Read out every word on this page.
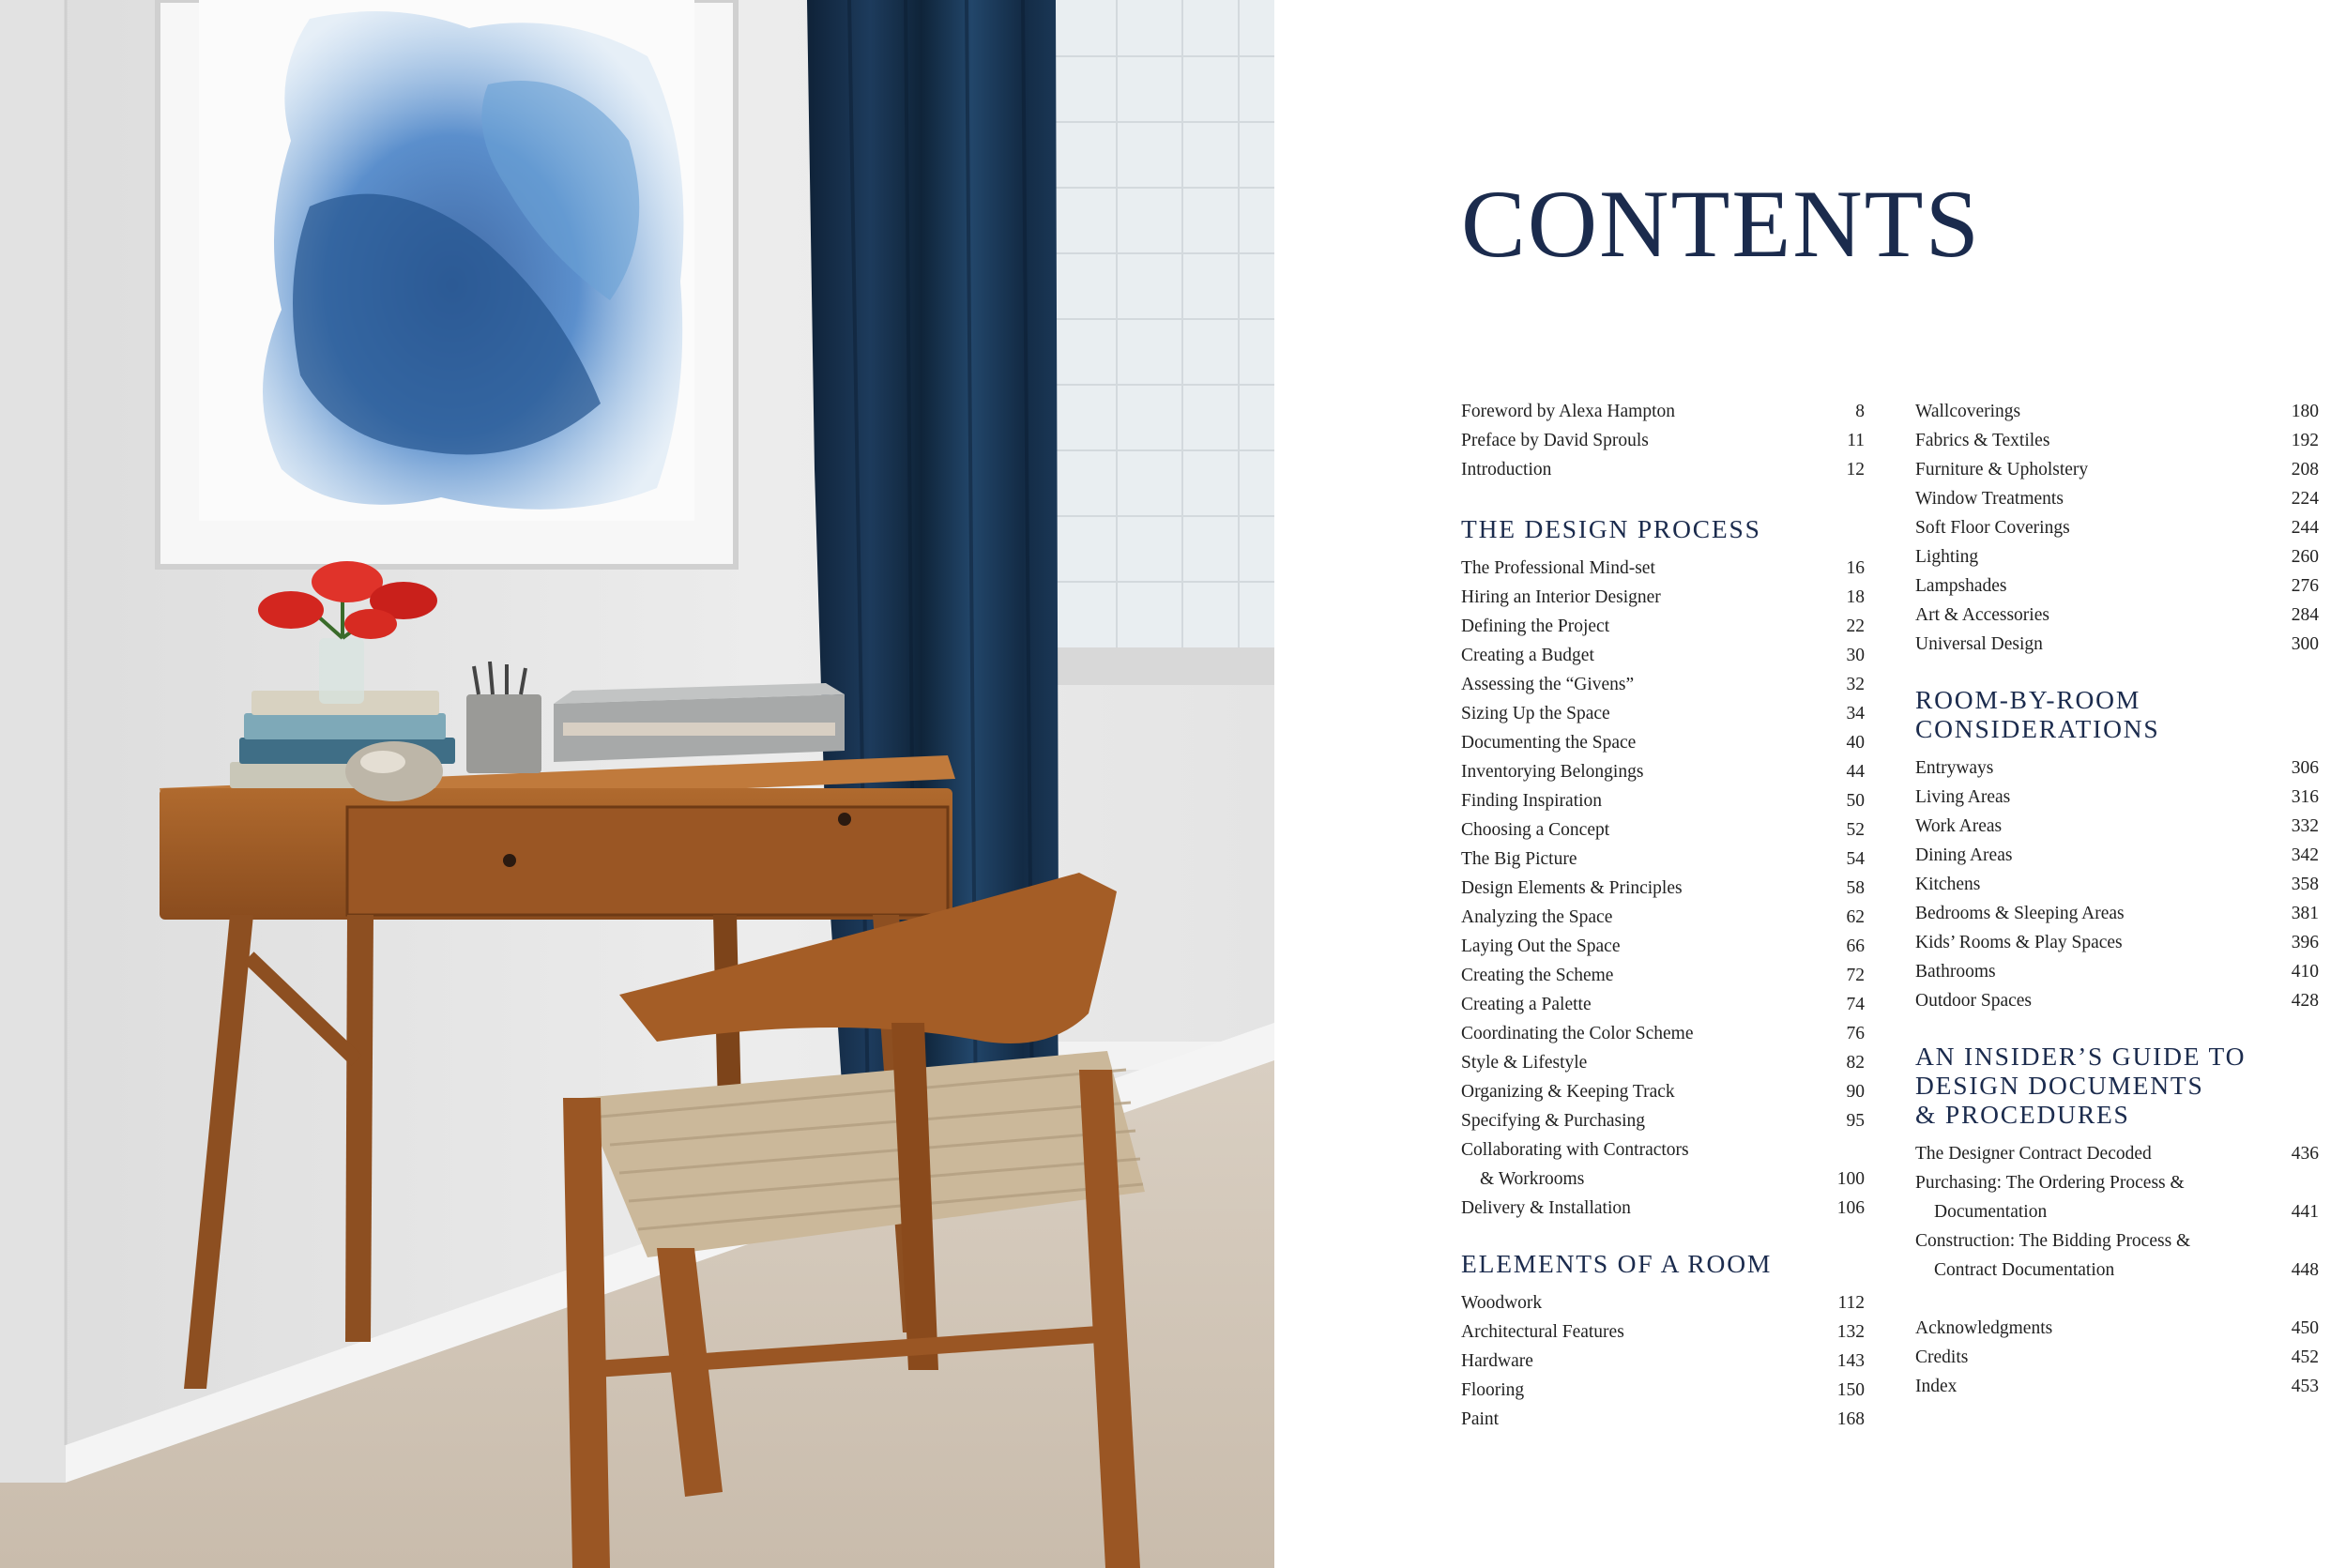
CONTENTS
Foreword by Alexa Hampton	8
Preface by David Sprouls	11
Introduction	12
THE DESIGN PROCESS
The Professional Mind-set	16
Hiring an Interior Designer	18
Defining the Project	22
Creating a Budget	30
Assessing the “Givens”	32
Sizing Up the Space	34
Documenting the Space	40
Inventorying Belongings	44
Finding Inspiration	50
Choosing a Concept	52
The Big Picture	54
Design Elements & Principles	58
Analyzing the Space	62
Laying Out the Space	66
Creating the Scheme	72
Creating a Palette	74
Coordinating the Color Scheme	76
Style & Lifestyle	82
Organizing & Keeping Track	90
Specifying & Purchasing	95
Collaborating with Contractors
& Workrooms	100
Delivery & Installation	106
ELEMENTS OF A ROOM
Woodwork	112
Architectural Features	132
Hardware	143
Flooring	150
Paint	168
Wallcoverings	180
Fabrics & Textiles	192
Furniture & Upholstery	208
Window Treatments	224
Soft Floor Coverings	244
Lighting	260
Lampshades	276
Art & Accessories	284
Universal Design	300
ROOM-BY-ROOM
CONSIDERATIONS
Entryways	306
Living Areas	316
Work Areas	332
Dining Areas	342
Kitchens	358
Bedrooms & Sleeping Areas	381
Kids’ Rooms & Play Spaces	396
Bathrooms	410
Outdoor Spaces	428
AN INSIDER’S GUIDE TO
DESIGN DOCUMENTS
& PROCEDURES
The Designer Contract Decoded	436
Purchasing: The Ordering Process &
Documentation	441
Construction: The Bidding Process &
Contract Documentation	448
Acknowledgments	450
Credits	452
Index	453
